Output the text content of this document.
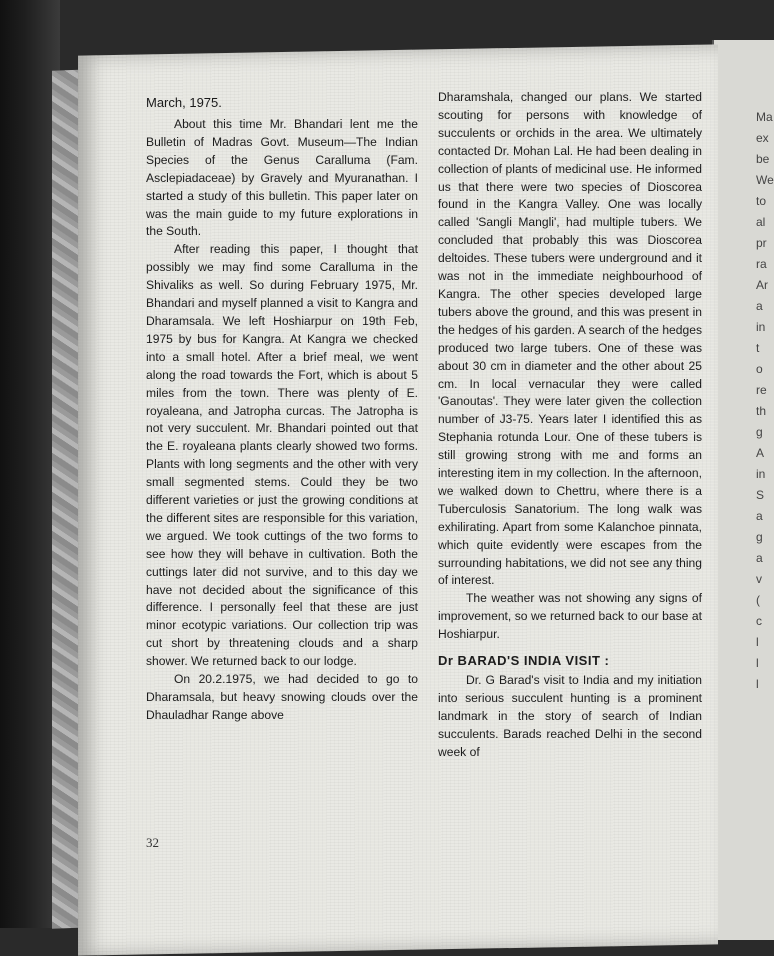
Ma
ex
be
We
to
al
pr
ra
Ar
a
in
t
o
re
th
g
A
in
S
a
g
a
v
(
c
l
l
l
March, 1975.

About this time Mr. Bhandari lent me the Bulletin of Madras Govt. Museum—The Indian Species of the Genus Caralluma (Fam. Asclepiadaceae) by Gravely and Myuranathan. I started a study of this bulletin. This paper later on was the main guide to my future explorations in the South.

After reading this paper, I thought that possibly we may find some Caralluma in the Shivaliks as well. So during February 1975, Mr. Bhandari and myself planned a visit to Kangra and Dharamsala. We left Hoshiarpur on 19th Feb, 1975 by bus for Kangra. At Kangra we checked into a small hotel. After a brief meal, we went along the road towards the Fort, which is about 5 miles from the town. There was plenty of E. royaleana, and Jatropha curcas. The Jatropha is not very succulent. Mr. Bhandari pointed out that the E. royaleana plants clearly showed two forms. Plants with long segments and the other with very small segmented stems. Could they be two different varieties or just the growing conditions at the different sites are responsible for this variation, we argued. We took cuttings of the two forms to see how they will behave in cultivation. Both the cuttings later did not survive, and to this day we have not decided about the significance of this difference. I personally feel that these are just minor ecotypic variations. Our collection trip was cut short by threatening clouds and a sharp shower. We returned back to our lodge.

On 20.2.1975, we had decided to go to Dharamsala, but heavy snowing clouds over the Dhauladhar Range above

Dharamshala, changed our plans. We started scouting for persons with knowledge of succulents or orchids in the area. We ultimately contacted Dr. Mohan Lal. He had been dealing in collection of plants of medicinal use. He informed us that there were two species of Dioscorea found in the Kangra Valley. One was locally called 'Sangli Mangli', had multiple tubers. We concluded that probably this was Dioscorea deltoides. These tubers were underground and it was not in the immediate neighbourhood of Kangra. The other species developed large tubers above the ground, and this was present in the hedges of his garden. A search of the hedges produced two large tubers. One of these was about 30 cm in diameter and the other about 25 cm. In local vernacular they were called 'Ganoutas'. They were later given the collection number of J3-75. Years later I identified this as Stephania rotunda Lour. One of these tubers is still growing strong with me and forms an interesting item in my collection. In the afternoon, we walked down to Chettru, where there is a Tuberculosis Sanatorium. The long walk was exhilirating. Apart from some Kalanchoe pinnata, which quite evidently were escapes from the surrounding habitations, we did not see any thing of interest.

The weather was not showing any signs of improvement, so we returned back to our base at Hoshiarpur.

Dr BARAD'S INDIA VISIT :

Dr. G Barad's visit to India and my initiation into serious succulent hunting is a prominent landmark in the story of search of Indian succulents. Barads reached Delhi in the second week of

32
